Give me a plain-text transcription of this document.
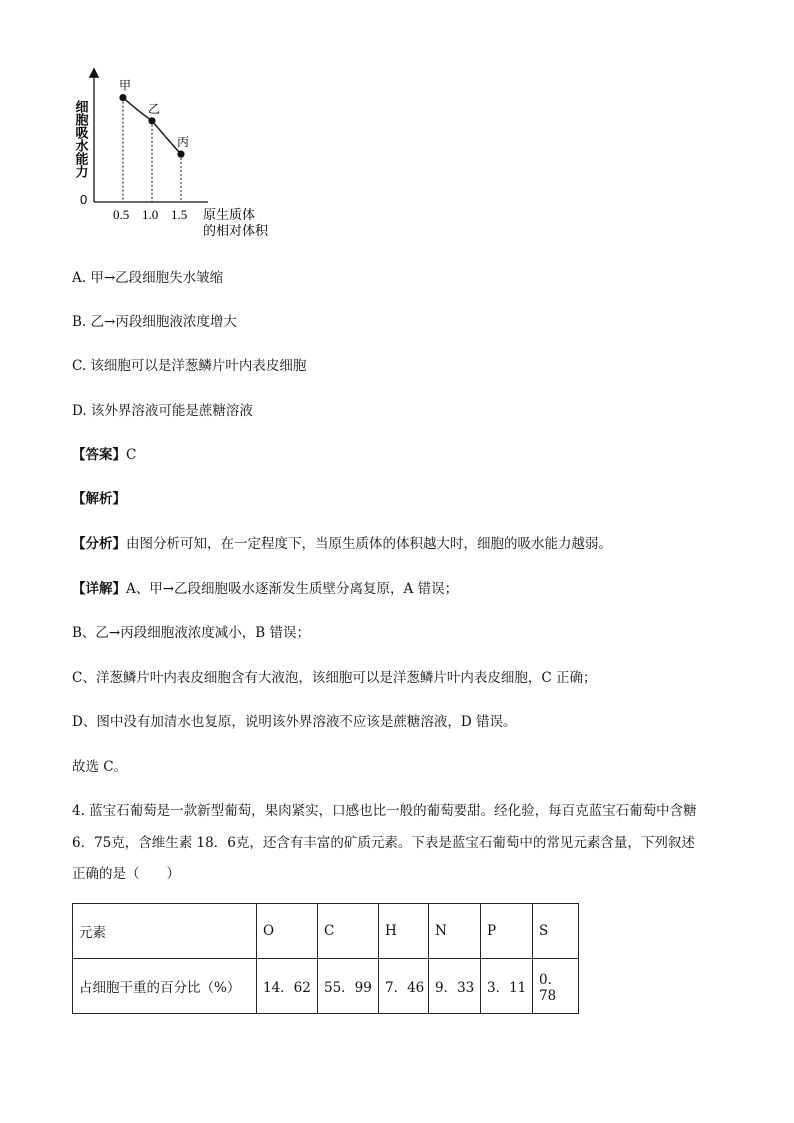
甲
乙
丙
0
0.5 1.0 1.5
细胞吸水能力
原生质体
的相对体积
A. 甲→乙段细胞失水皱缩
B. 乙→丙段细胞液浓度增大
C. 该细胞可以是洋葱鳞片叶内表皮细胞
D. 该外界溶液可能是蔗糖溶液
【答案】C
【解析】
【分析】由图分析可知，在一定程度下，当原生质体的体积越大时，细胞的吸水能力越弱。
【详解】A、甲→乙段细胞吸水逐渐发生质壁分离复原，A 错误；
B、乙→丙段细胞液浓度减小，B 错误；
C、洋葱鳞片叶内表皮细胞含有大液泡，该细胞可以是洋葱鳞片叶内表皮细胞，C 正确；
D、图中没有加清水也复原，说明该外界溶液不应该是蔗糖溶液，D 错误。
故选 C。
4. 蓝宝石葡萄是一款新型葡萄，果肉紧实，口感也比一般的葡萄要甜。经化验，每百克蓝宝石葡萄中含糖
6．75克，含维生素 18．6克，还含有丰富的矿质元素。下表是蓝宝石葡萄中的常见元素含量，下列叙述
正确的是（　　）
元素	O	C	H	N	P	S
占细胞干重的百分比（%）	14．62	55．99	7．46	9．33	3．11	0．78
